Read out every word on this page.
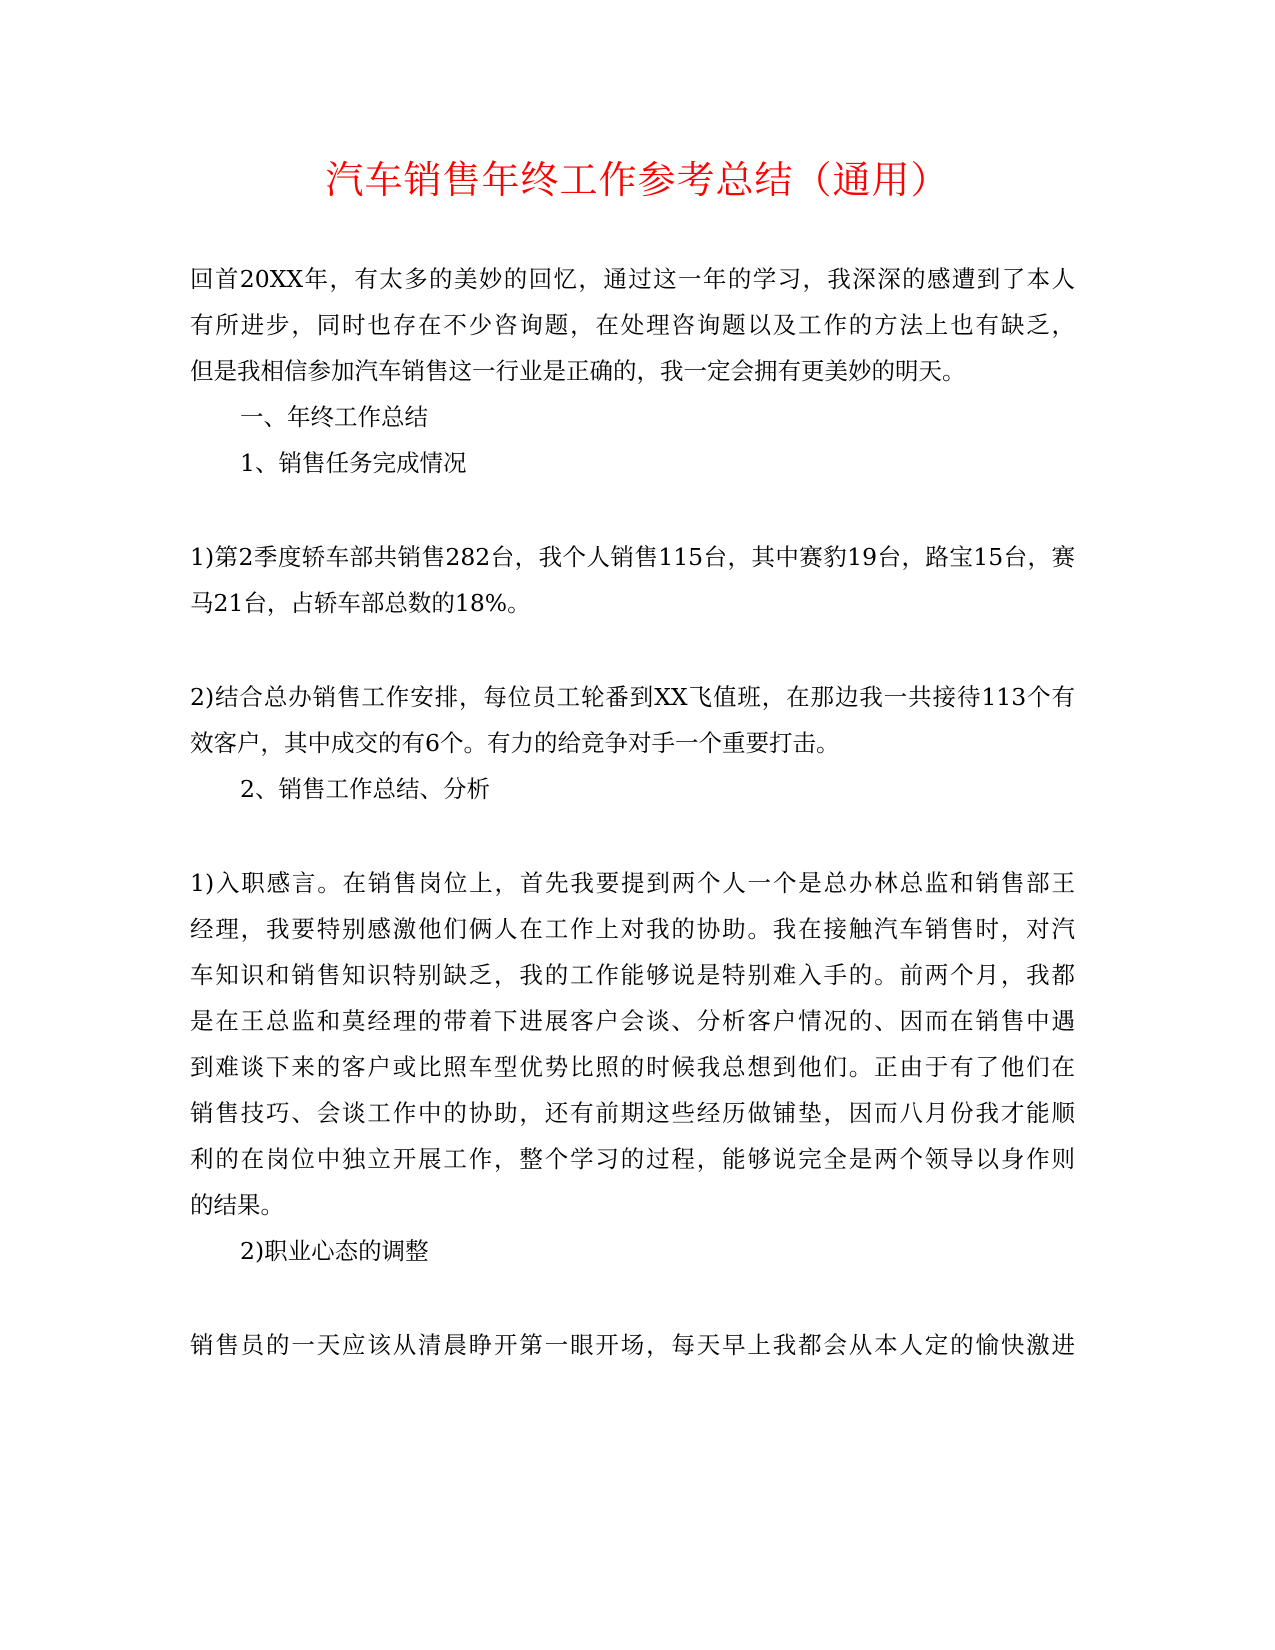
汽车销售年终工作参考总结（通用）
回首20XX年，有太多的美妙的回忆，通过这一年的学习，我深深的感遭到了本人
有所进步，同时也存在不少咨询题，在处理咨询题以及工作的方法上也有缺乏，
但是我相信参加汽车销售这一行业是正确的，我一定会拥有更美妙的明天。
一、年终工作总结
1、销售任务完成情况
1)第2季度轿车部共销售282台，我个人销售115台，其中赛豹19台，路宝15台，赛
马21台，占轿车部总数的18%。
2)结合总办销售工作安排，每位员工轮番到XX飞值班，在那边我一共接待113个有
效客户，其中成交的有6个。有力的给竞争对手一个重要打击。
2、销售工作总结、分析
1)入职感言。在销售岗位上，首先我要提到两个人一个是总办林总监和销售部王
经理，我要特别感激他们俩人在工作上对我的协助。我在接触汽车销售时，对汽
车知识和销售知识特别缺乏，我的工作能够说是特别难入手的。前两个月，我都
是在王总监和莫经理的带着下进展客户会谈、分析客户情况的、因而在销售中遇
到难谈下来的客户或比照车型优势比照的时候我总想到他们。正由于有了他们在
销售技巧、会谈工作中的协助，还有前期这些经历做铺垫，因而八月份我才能顺
利的在岗位中独立开展工作，整个学习的过程，能够说完全是两个领导以身作则
的结果。
2)职业心态的调整
销售员的一天应该从清晨睁开第一眼开场，每天早上我都会从本人定的愉快激进
